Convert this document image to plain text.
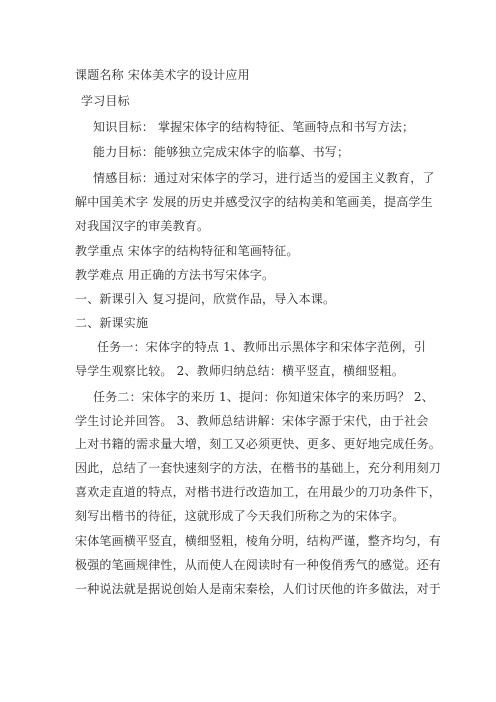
课题名称 宋体美术字的设计应用
学习目标
知识目标： 掌握宋体字的结构特征、笔画特点和书写方法；
能力目标：能够独立完成宋体字的临摹、书写；
情感目标：通过对宋体字的学习，进行适当的爱国主义教育，了
解中国美术字 发展的历史并感受汉字的结构美和笔画美，提高学生
对我国汉字的审美教育。
教学重点 宋体字的结构特征和笔画特征。
教学难点 用正确的方法书写宋体字。
一、新课引入 复习提问，欣赏作品，导入本课。
二、新课实施
任务一：宋体字的特点 1、教师出示黑体字和宋体字范例，引
导学生观察比较。 2、教师归纳总结：横平竖直，横细竖粗。
任务二：宋体字的来历 1、提问：你知道宋体字的来历吗？ 2、
学生讨论并回答。 3、教师总结讲解：宋体字源于宋代，由于社会
上对书籍的需求量大增，刻工又必须更快、更多、更好地完成任务。
因此，总结了一套快速刻字的方法，在楷书的基础上，充分利用刻刀
喜欢走直道的特点，对楷书进行改造加工，在用最少的刀功条件下，
刻写出楷书的待征，这就形成了今天我们所称之为的宋体字。
宋体笔画横平竖直，横细竖粗，棱角分明，结构严谨，整齐均匀，有
极强的笔画规律性，从而使人在阅读时有一种俊俏秀气的感觉。还有
一种说法就是据说创始人是南宋秦桧，人们讨厌他的许多做法，对于
